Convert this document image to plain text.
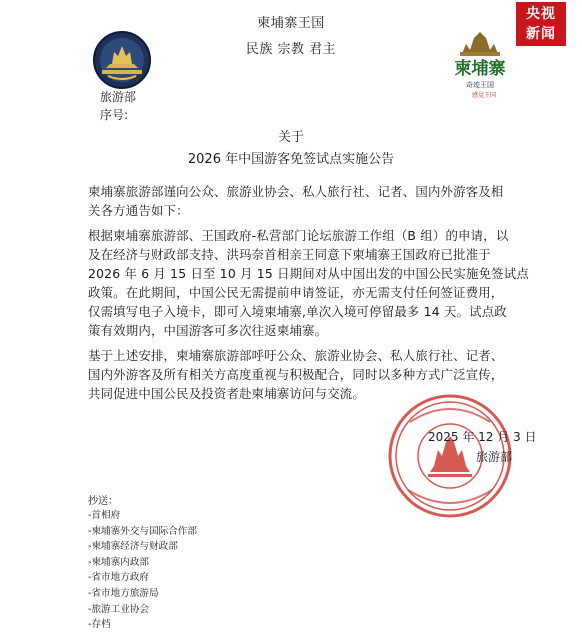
柬埔寨王国
民族 宗教 君主
旅游部
序号:
央视
新闻
柬埔寨
奇迹王国
感觉王国
关于
2026 年中国游客免签试点实施公告
柬埔寨旅游部谨向公众、旅游业协会、私人旅行社、记者、国内外游客及相
关各方通告如下：
根据柬埔寨旅游部、王国政府-私营部门论坛旅游工作组（B 组）的申请，以
及在经济与财政部支持、洪玛奈首相亲王同意下柬埔寨王国政府已批准于
2026 年 6 月 15 日至 10 月 15 日期间对从中国出发的中国公民实施免签试点
政策。在此期间，中国公民无需提前申请签证，亦无需支付任何签证费用，
仅需填写电子入境卡，即可入境柬埔寨,单次入境可停留最多 14 天。试点政
策有效期内，中国游客可多次往返柬埔寨。
基于上述安排，柬埔寨旅游部呼吁公众、旅游业协会、私人旅行社、记者、
国内外游客及所有相关方高度重视与积极配合，同时以多种方式广泛宣传，
共同促进中国公民及投资者赴柬埔寨访问与交流。
2025 年 12 月 3 日
旅游部
抄送：
-首相府
-柬埔寨外交与国际合作部
-柬埔寨经济与财政部
-柬埔寨内政部
-省市地方政府
-省市地方旅游局
-旅游工业协会
-存档
